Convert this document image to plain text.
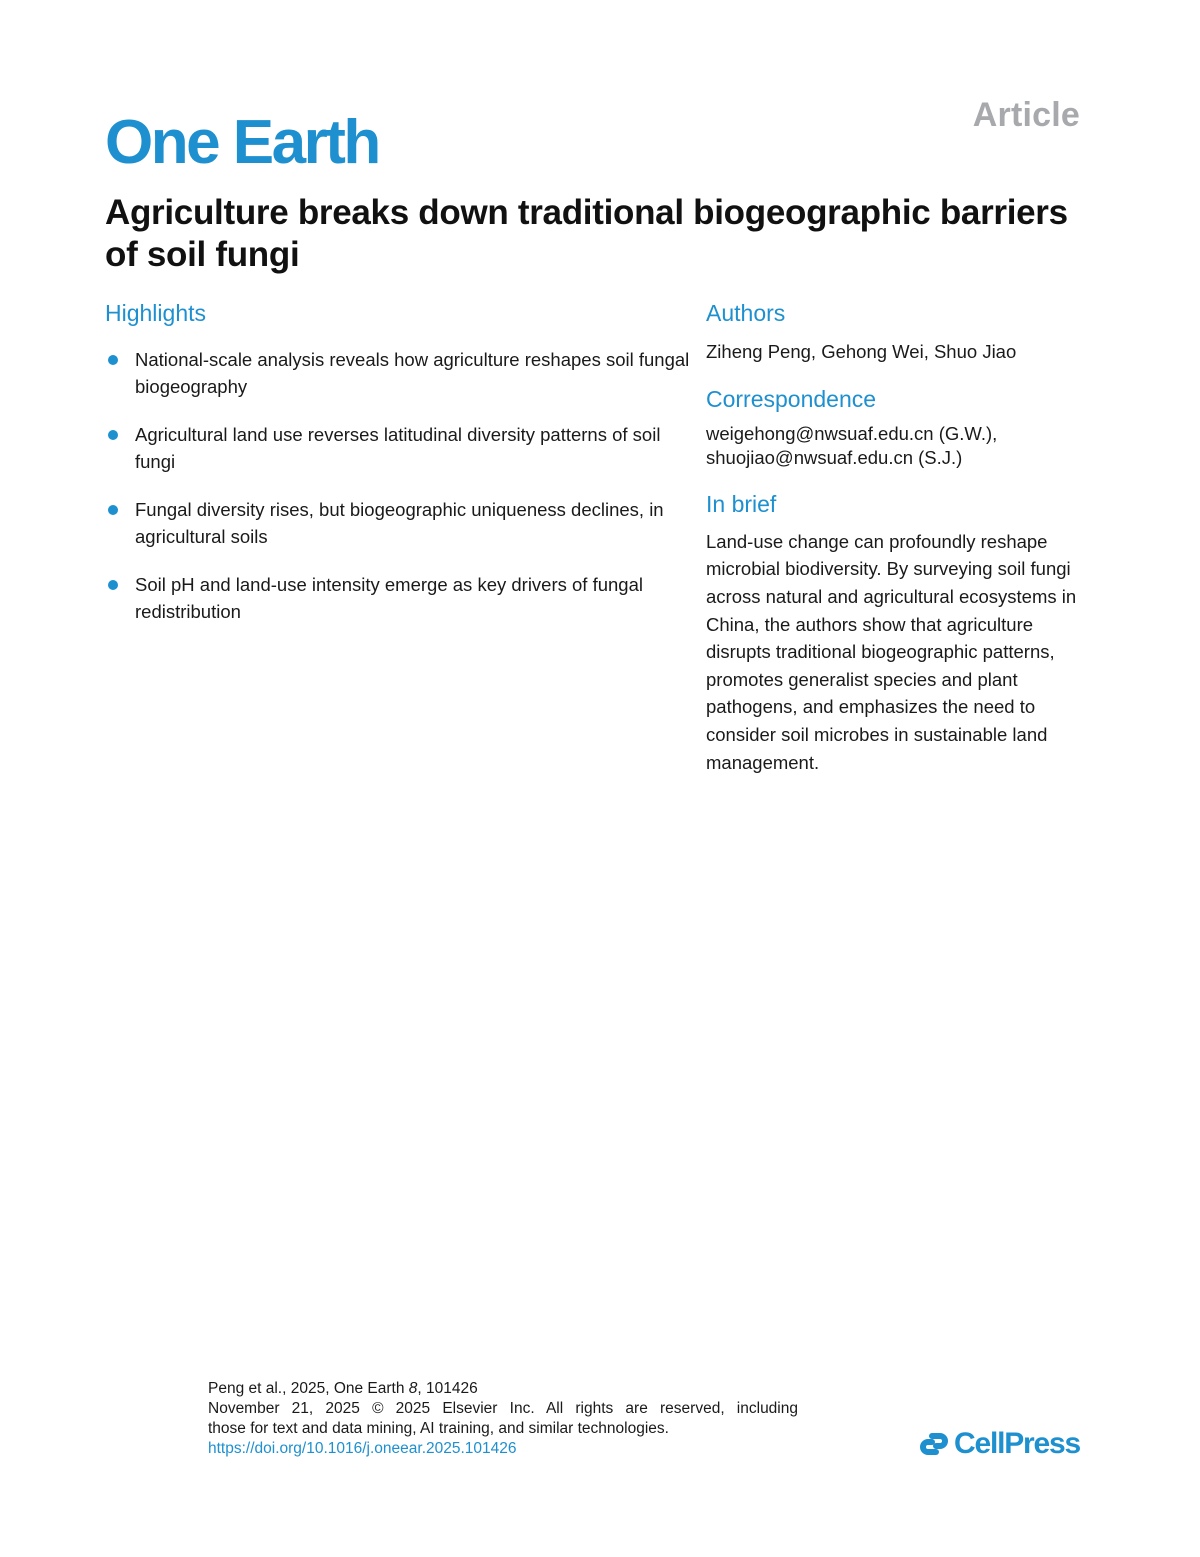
Article
One Earth
Agriculture breaks down traditional biogeographic barriers of soil fungi
Highlights
National-scale analysis reveals how agriculture reshapes soil fungal biogeography
Agricultural land use reverses latitudinal diversity patterns of soil fungi
Fungal diversity rises, but biogeographic uniqueness declines, in agricultural soils
Soil pH and land-use intensity emerge as key drivers of fungal redistribution
Authors

Ziheng Peng, Gehong Wei, Shuo Jiao

Correspondence
weigehong@nwsuaf.edu.cn (G.W.),
shuojiao@nwsuaf.edu.cn (S.J.)
In brief

Land-use change can profoundly reshape microbial biodiversity. By surveying soil fungi across natural and agricultural ecosystems in China, the authors show that agriculture disrupts traditional biogeographic patterns, promotes generalist species and plant pathogens, and emphasizes the need to consider soil microbes in sustainable land management.

Peng et al., 2025, One Earth 8, 101426
November 21, 2025 © 2025 Elsevier Inc. All rights are reserved, including
those for text and data mining, AI training, and similar technologies.
https://doi.org/10.1016/j.oneear.2025.101426	CellPress
